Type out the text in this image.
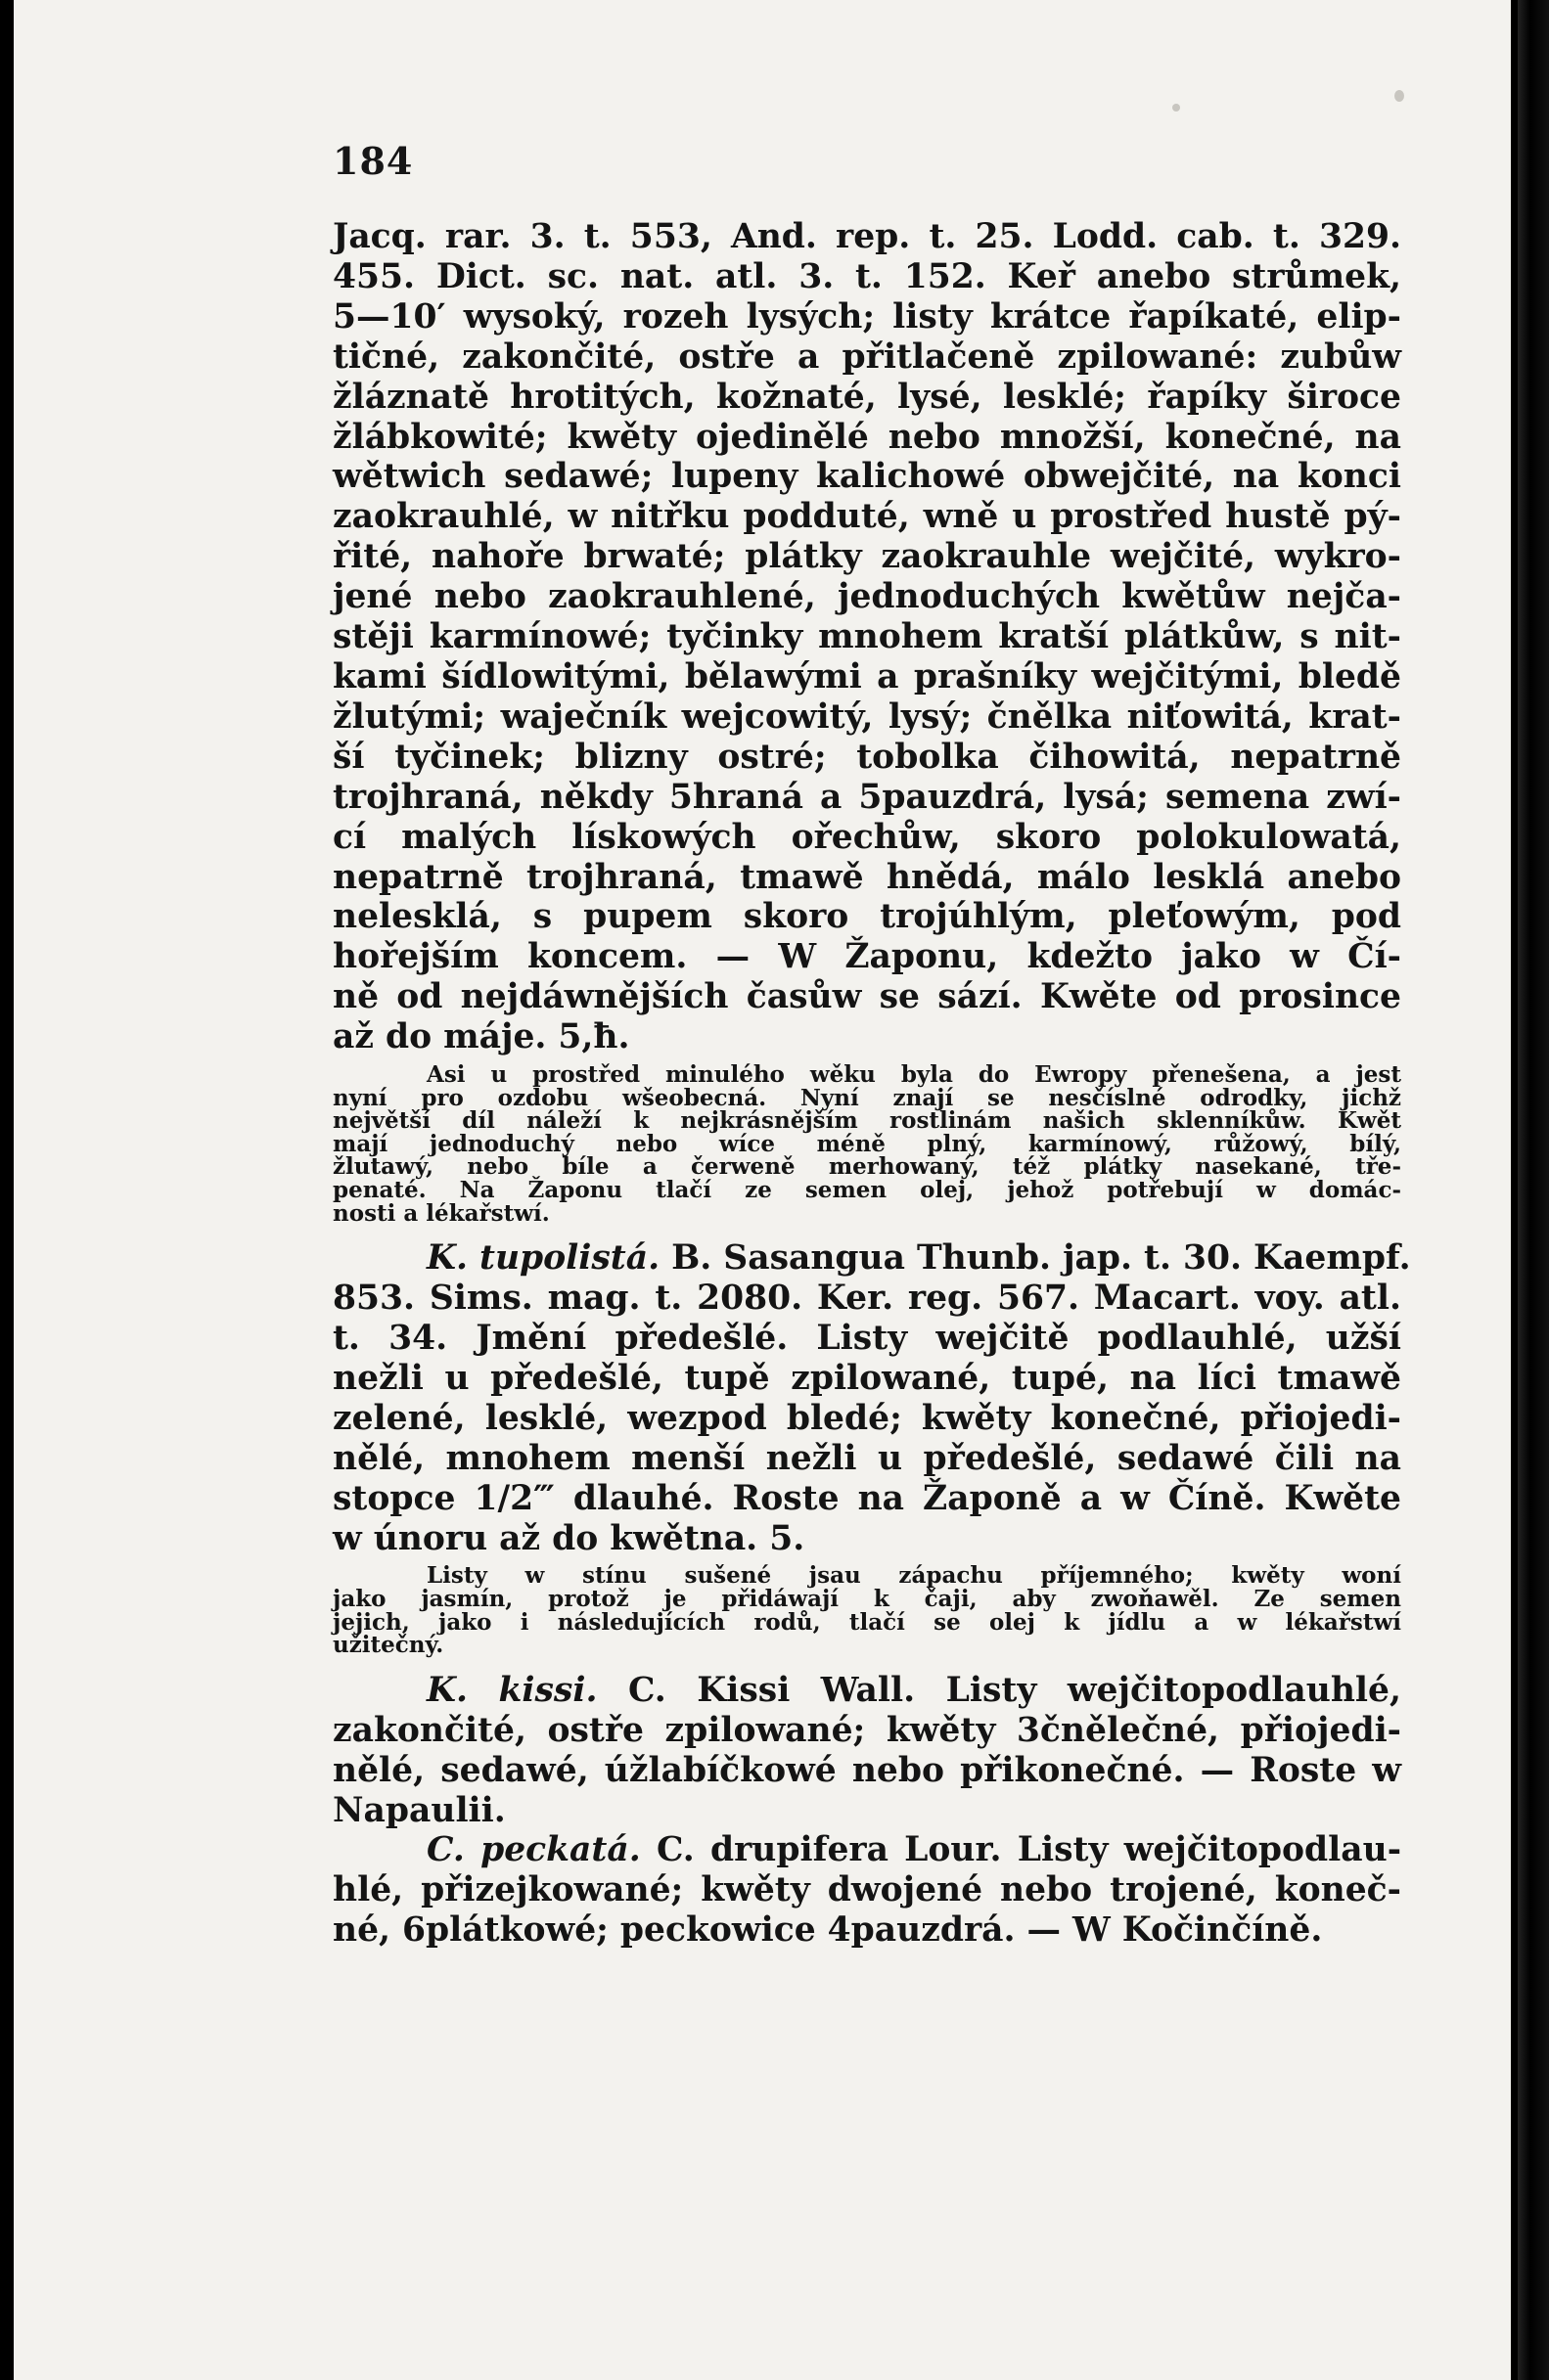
184

Jacq. rar. 3. t. 553, And. rep. t. 25. Lodd. cab. t. 329.
455. Dict. sc. nat. atl. 3. t. 152. Keř anebo strůmek,
5—10′ wysoký, rozeh lysých; listy krátce řapíkaté, elip-
tičné, zakončité, ostře a přitlačeně zpilowané: zubůw
žláznatě hrotitých, kožnaté, lysé, lesklé; řapíky široce
žlábkowité; kwěty ojedinělé nebo množší, konečné, na
wětwich sedawé; lupeny kalichowé obwejčité, na konci
zaokrauhlé, w nitřku podduté, wně u prostřed hustě pý-
řité, nahoře brwaté; plátky zaokrauhle wejčité, wykro-
jené nebo zaokrauhlené, jednoduchých kwětůw nejča-
stěji karmínowé; tyčinky mnohem kratší plátkůw, s nit-
kami šídlowitými, bělawými a prašníky wejčitými, bledě
žlutými; waječník wejcowitý, lysý; čnělka niťowitá, krat-
ší tyčinek; blizny ostré; tobolka čihowitá, nepatrně
trojhraná, někdy 5hraná a 5pauzdrá, lysá; semena zwí-
cí malých lískowých ořechůw, skoro polokulowatá,
nepatrně trojhraná, tmawě hnědá, málo lesklá anebo
nelesklá, s pupem skoro trojúhlým, pleťowým, pod
hořejším koncem. — W Žaponu, kdežto jako w Čí-
ně od nejdáwnějších časůw se sází. Kwěte od prosince
až do máje. 5,ħ.

Asi u prostřed minulého wěku byla do Ewropy přenešena, a jest
nyní pro ozdobu wšeobecná. Nyní znají se nesčíslné odrodky, jichž
největší díl náleží k nejkrásnějším rostlinám našich sklenníkůw. Kwět
mají jednoduchý nebo wíce méně plný, karmínowý, růžowý, bílý,
žlutawý, nebo bíle a čerweně merhowaný, též plátky nasekané, tře-
penaté. Na Žaponu tlačí ze semen olej, jehož potřebují w domác-
nosti a lékařstwí.

K. tupolistá. B. Sasangua Thunb. jap. t. 30. Kaempf.
853. Sims. mag. t. 2080. Ker. reg. 567. Macart. voy. atl.
t. 34. Jmění předešlé. Listy wejčitě podlauhlé, užší
nežli u předešlé, tupě zpilowané, tupé, na líci tmawě
zelené, lesklé, wezpod bledé; kwěty konečné, přiojedi-
nělé, mnohem menší nežli u předešlé, sedawé čili na
stopce 1/2‴ dlauhé. Roste na Žaponě a w Číně. Kwěte
w únoru až do kwětna. 5.

Listy w stínu sušené jsau zápachu příjemného; kwěty woní
jako jasmín, protož je přidáwají k čaji, aby zwoňawěl. Ze semen
jejich, jako i následujících rodů, tlačí se olej k jídlu a w lékařstwí
užitečný.

K. kissi. C. Kissi Wall. Listy wejčitopodlauhlé,
zakončité, ostře zpilowané; kwěty 3čnělečné, přiojedi-
nělé, sedawé, úžlabíčkowé nebo přikonečné. — Roste w
Napaulii.

C. peckatá. C. drupifera Lour. Listy wejčitopodlau-
hlé, přizejkowané; kwěty dwojené nebo trojené, koneč-
né, 6plátkowé; peckowice 4pauzdrá. — W Kočinčíně.
